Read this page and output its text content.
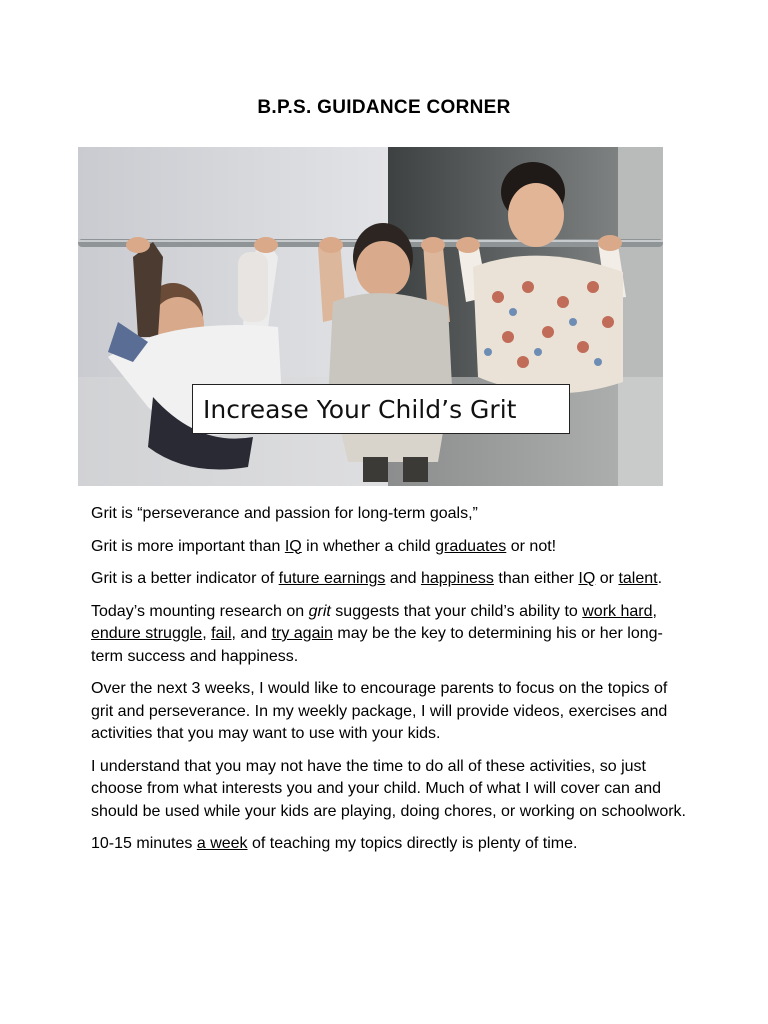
B.P.S. GUIDANCE CORNER
Increase Your Child’s Grit

Grit is “perseverance and passion for long-term goals,”

Grit is more important than IQ in whether a child graduates or not!

Grit is a better indicator of future earnings and happiness than either IQ or talent.

Today’s mounting research on grit suggests that your child’s ability to work hard, endure struggle, fail, and try again may be the key to determining his or her long-term success and happiness.

Over the next 3 weeks, I would like to encourage parents to focus on the topics of grit and perseverance. In my weekly package, I will provide videos, exercises and activities that you may want to use with your kids.

I understand that you may not have the time to do all of these activities, so just choose from what interests you and your child. Much of what I will cover can and should be used while your kids are playing, doing chores, or working on schoolwork.

10-15 minutes a week of teaching my topics directly is plenty of time.
